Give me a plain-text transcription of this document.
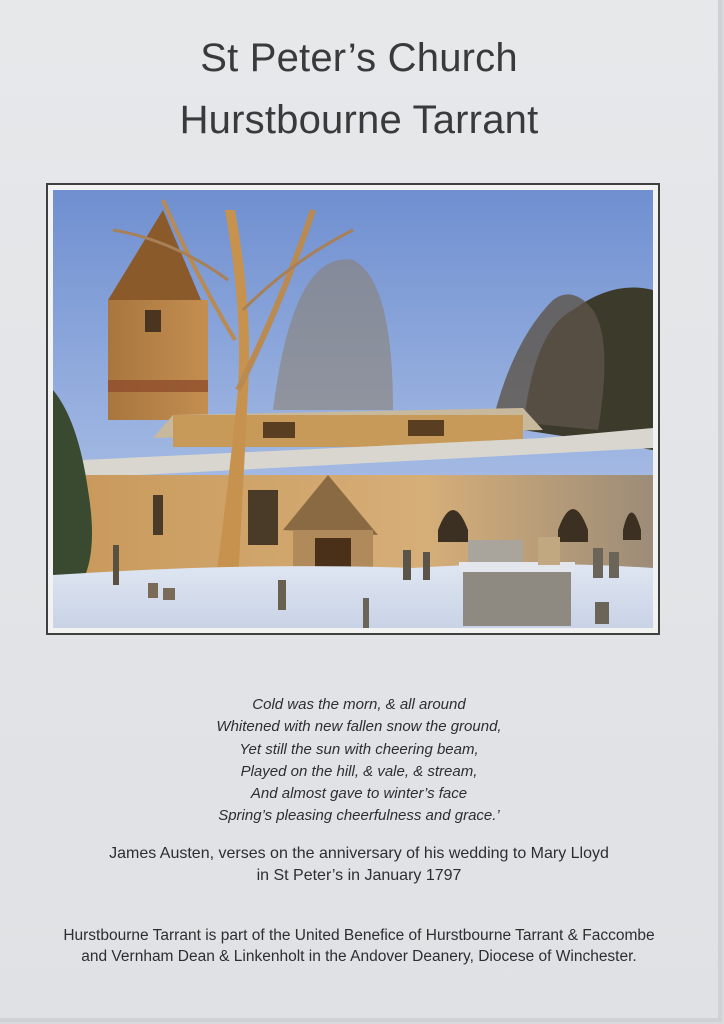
St Peter’s Church
Hurstbourne Tarrant
Cold was the morn, & all around
Whitened with new fallen snow the ground,
Yet still the sun with cheering beam,
Played on the hill, & vale, & stream,
And almost gave to winter’s face
Spring’s pleasing cheerfulness and grace.’
James Austen, verses on the anniversary of his wedding to Mary Lloyd
in St Peter’s in January 1797
Hurstbourne Tarrant is part of the United Benefice of Hurstbourne Tarrant & Faccombe
and Vernham Dean & Linkenholt in the Andover Deanery, Diocese of Winchester.
